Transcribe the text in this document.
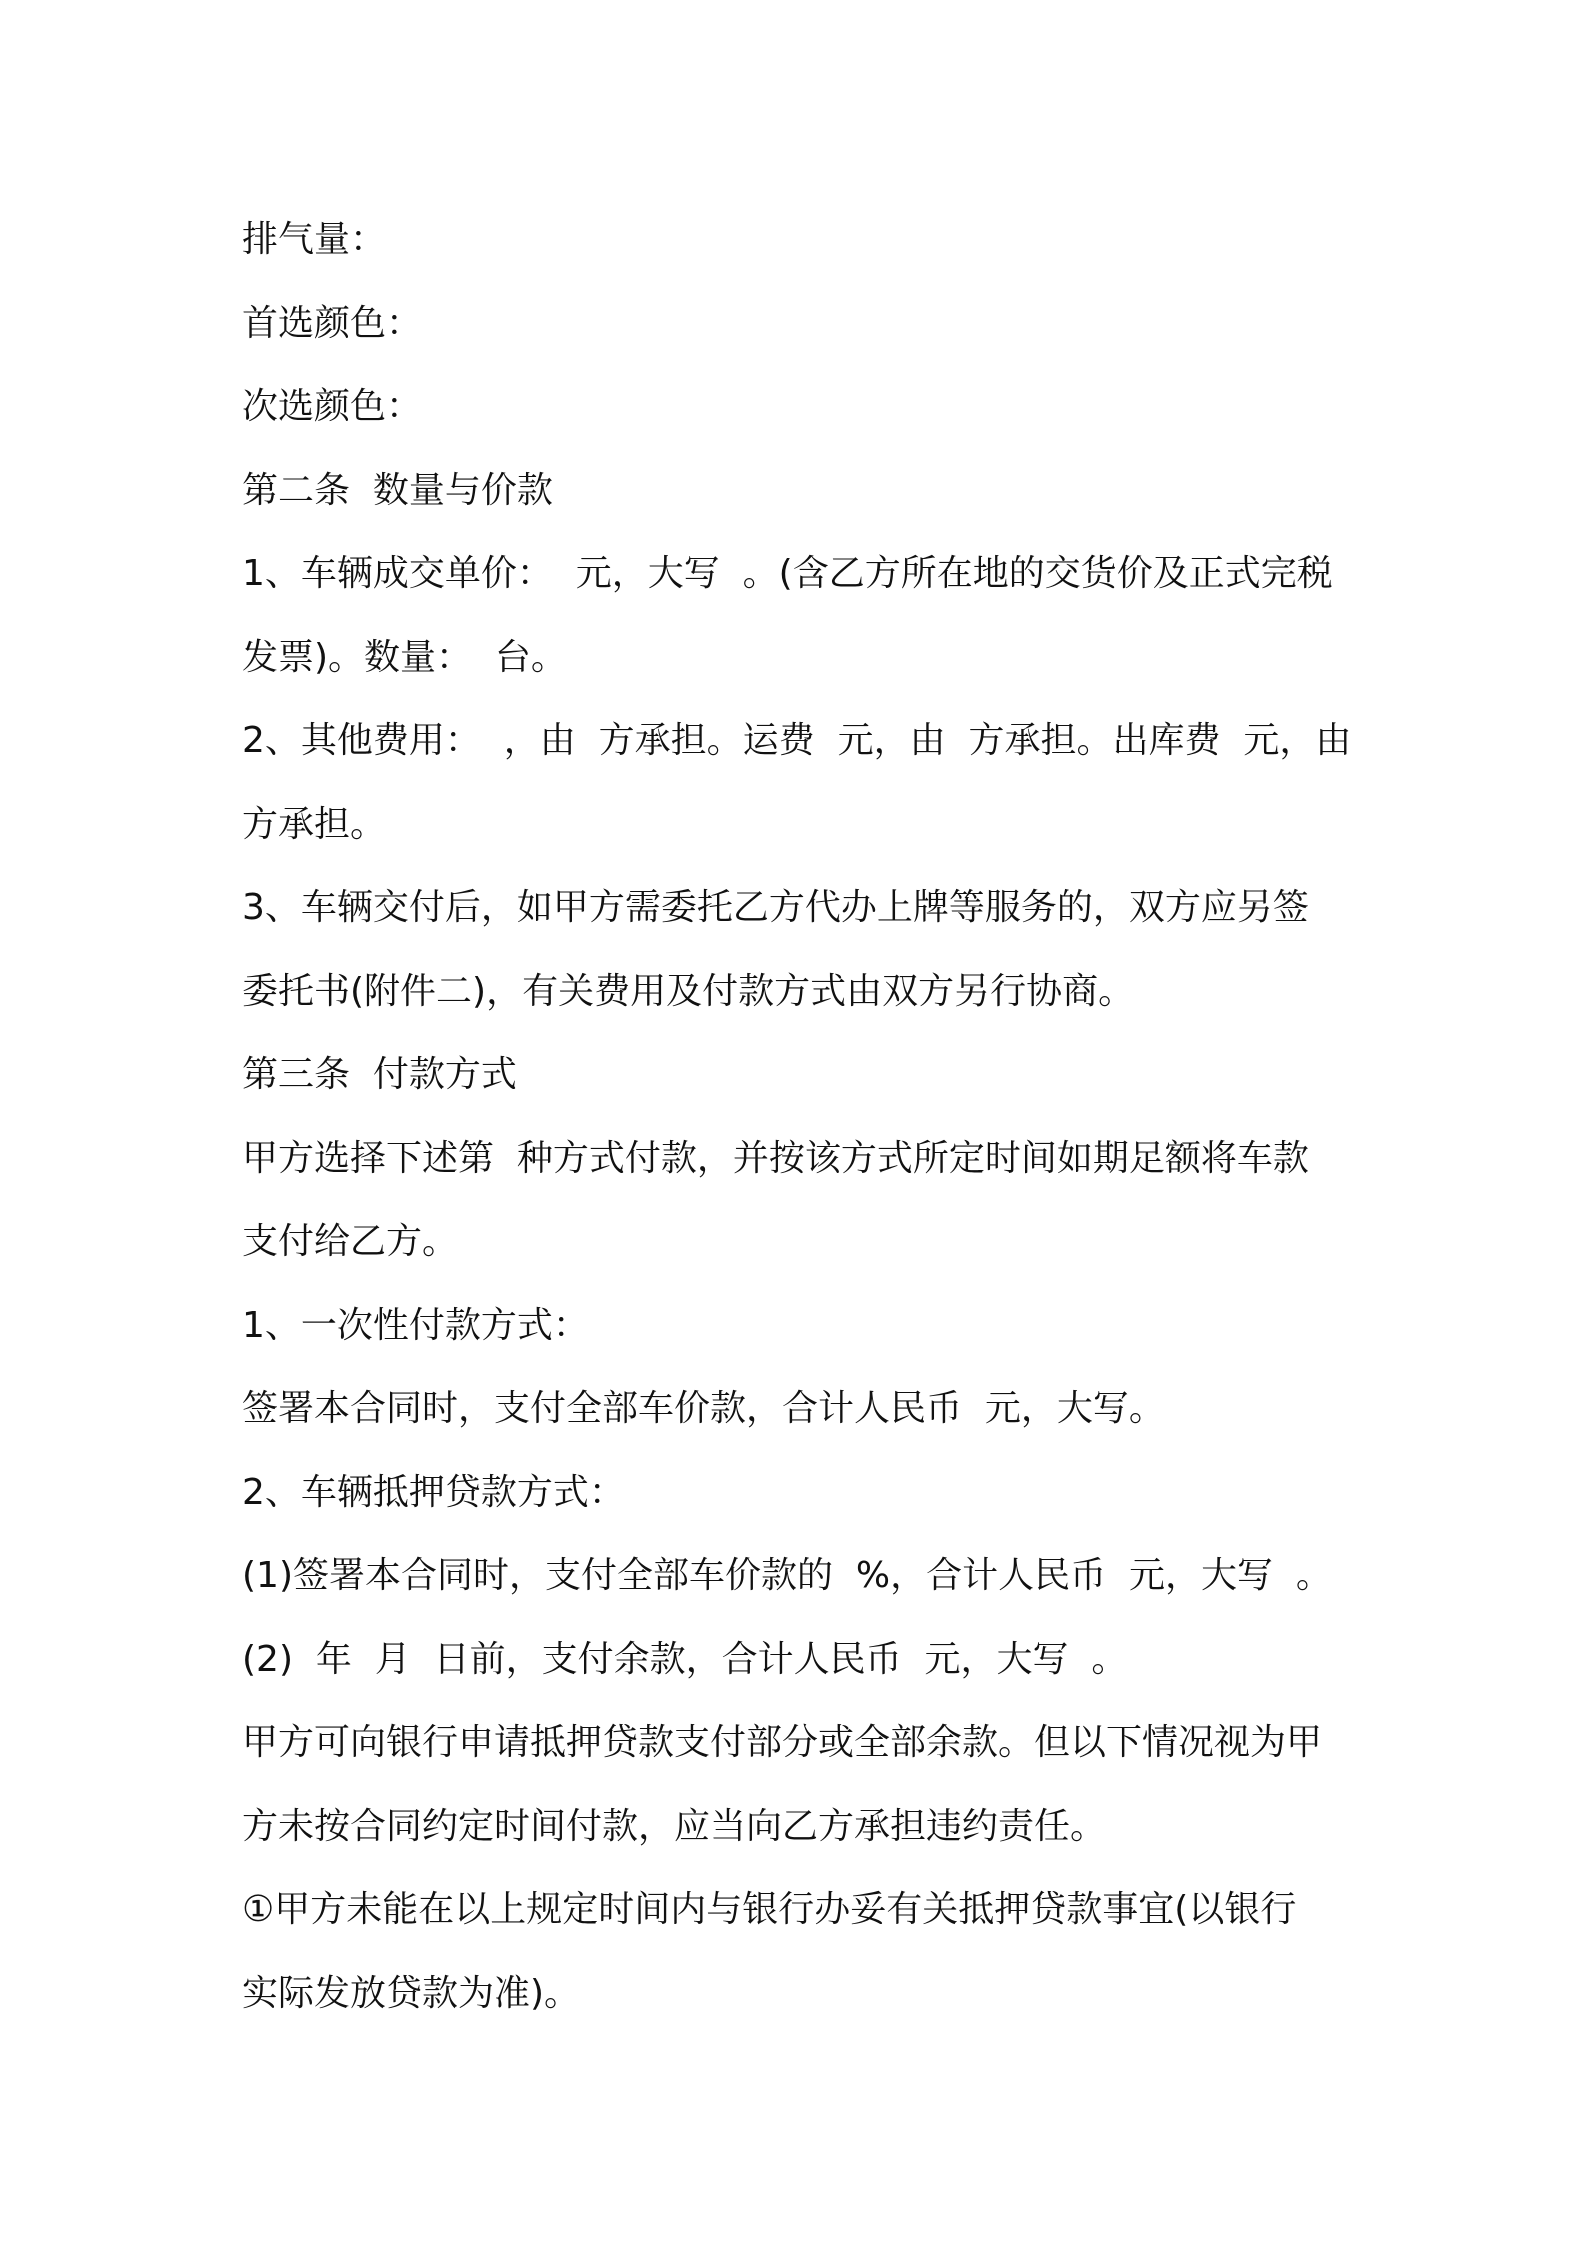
排气量：
首选颜色：
次选颜色：
第二条  数量与价款
1、车辆成交单价：  元，大写  。(含乙方所在地的交货价及正式完税
发票)。数量：  台。
2、其他费用：  ，由  方承担。运费  元，由  方承担。出库费  元，由
方承担。
3、车辆交付后，如甲方需委托乙方代办上牌等服务的，双方应另签
委托书(附件二)，有关费用及付款方式由双方另行协商。
第三条  付款方式
甲方选择下述第  种方式付款，并按该方式所定时间如期足额将车款
支付给乙方。
1、一次性付款方式：
签署本合同时，支付全部车价款，合计人民币  元，大写。
2、车辆抵押贷款方式：
(1)签署本合同时，支付全部车价款的  %，合计人民币  元，大写  。
(2)  年  月  日前，支付余款，合计人民币  元，大写  。
甲方可向银行申请抵押贷款支付部分或全部余款。但以下情况视为甲
方未按合同约定时间付款，应当向乙方承担违约责任。
①甲方未能在以上规定时间内与银行办妥有关抵押贷款事宜(以银行
实际发放贷款为准)。
